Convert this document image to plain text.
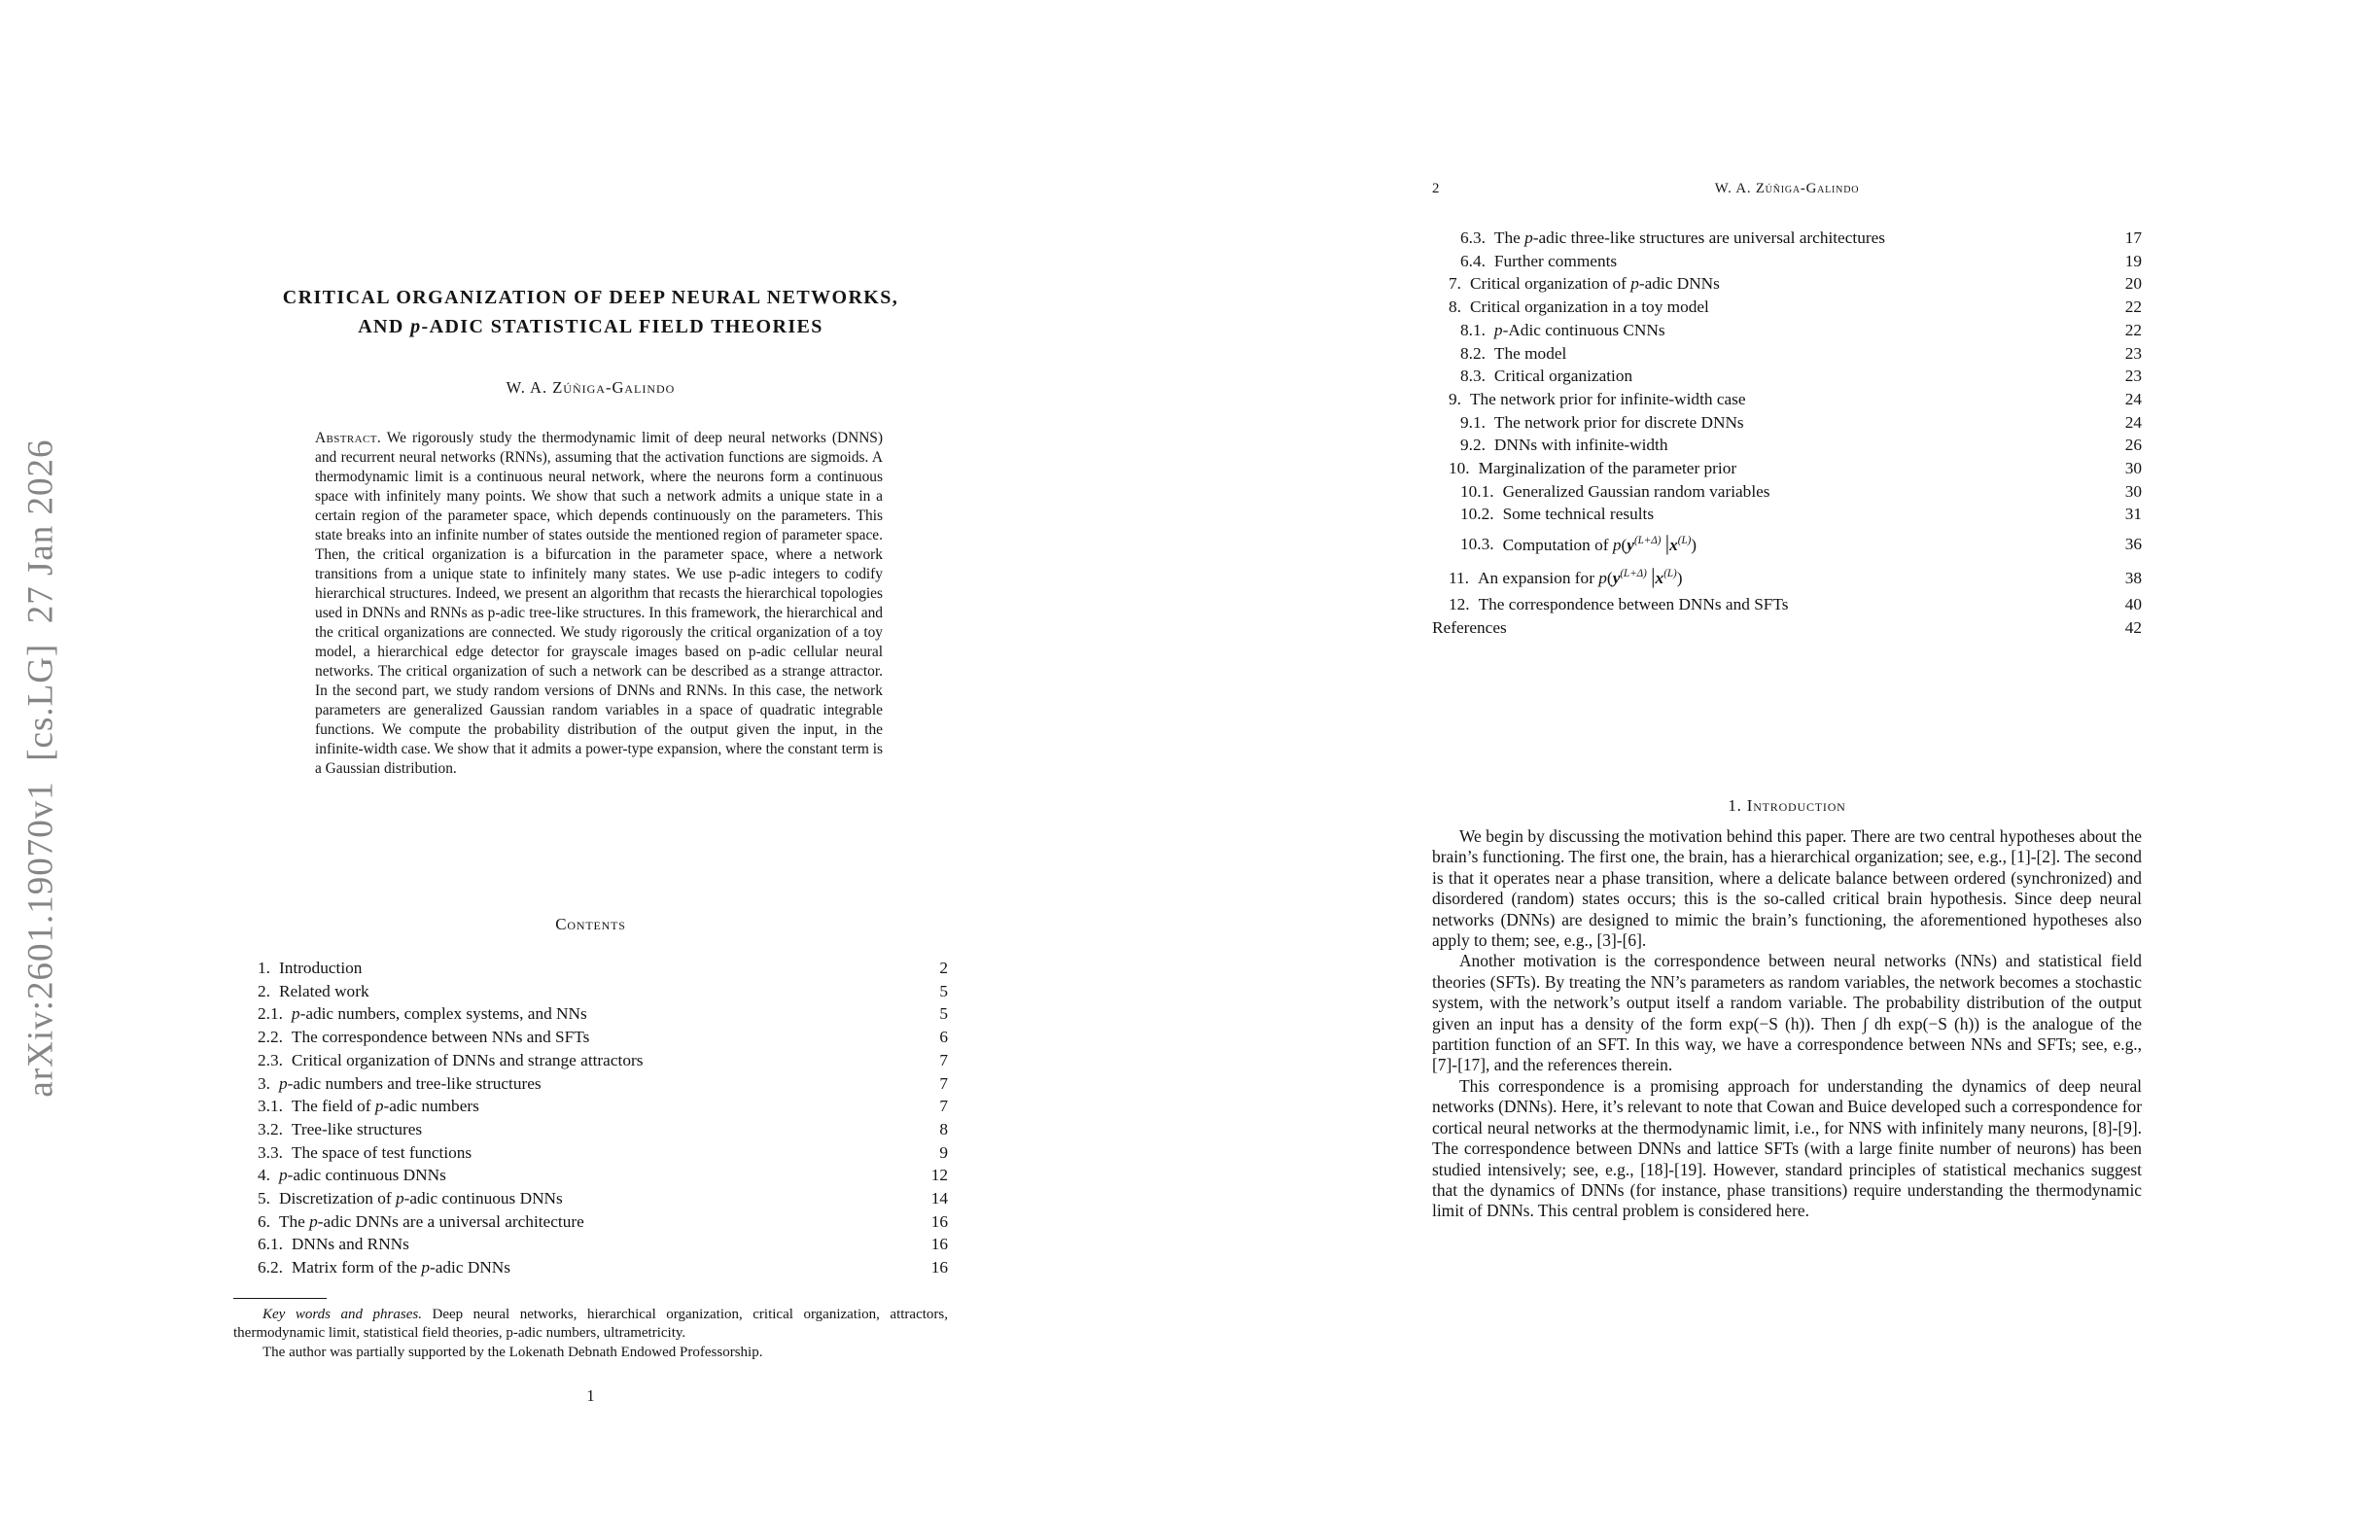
arXiv:2601.19070v1  [cs.LG]  27 Jan 2026
CRITICAL ORGANIZATION OF DEEP NEURAL NETWORKS,
AND p-ADIC STATISTICAL FIELD THEORIES
W. A. Zúñiga-Galindo
Abstract. We rigorously study the thermodynamic limit of deep neural networks (DNNS) and recurrent neural networks (RNNs), assuming that the activation functions are sigmoids. A thermodynamic limit is a continuous neural network, where the neurons form a continuous space with infinitely many points. We show that such a network admits a unique state in a certain region of the parameter space, which depends continuously on the parameters. This state breaks into an infinite number of states outside the mentioned region of parameter space. Then, the critical organization is a bifurcation in the parameter space, where a network transitions from a unique state to infinitely many states. We use p-adic integers to codify hierarchical structures. Indeed, we present an algorithm that recasts the hierarchical topologies used in DNNs and RNNs as p-adic tree-like structures. In this framework, the hierarchical and the critical organizations are connected. We study rigorously the critical organization of a toy model, a hierarchical edge detector for grayscale images based on p-adic cellular neural networks. The critical organization of such a network can be described as a strange attractor. In the second part, we study random versions of DNNs and RNNs. In this case, the network parameters are generalized Gaussian random variables in a space of quadratic integrable functions. We compute the probability distribution of the output given the input, in the infinite-width case. We show that it admits a power-type expansion, where the constant term is a Gaussian distribution.
Contents
1. Introduction	2
2. Related work	5
2.1. p-adic numbers, complex systems, and NNs	5
2.2. The correspondence between NNs and SFTs	6
2.3. Critical organization of DNNs and strange attractors	7
3. p-adic numbers and tree-like structures	7
3.1. The field of p-adic numbers	7
3.2. Tree-like structures	8
3.3. The space of test functions	9
4. p-adic continuous DNNs	12
5. Discretization of p-adic continuous DNNs	14
6. The p-adic DNNs are a universal architecture	16
6.1. DNNs and RNNs	16
6.2. Matrix form of the p-adic DNNs	16

Key words and phrases. Deep neural networks, hierarchical organization, critical organization, attractors, thermodynamic limit, statistical field theories, p-adic numbers, ultrametricity.

The author was partially supported by the Lokenath Debnath Endowed Professorship.

1
2	W. A. Zúñiga-Galindo
6.3. The p-adic three-like structures are universal architectures	17
6.4. Further comments	19
7. Critical organization of p-adic DNNs	20
8. Critical organization in a toy model	22
8.1. p-Adic continuous CNNs	22
8.2. The model	23
8.3. Critical organization	23
9. The network prior for infinite-width case	24
9.1. The network prior for discrete DNNs	24
9.2. DNNs with infinite-width	26
10. Marginalization of the parameter prior	30
10.1. Generalized Gaussian random variables	30
10.2. Some technical results	31
10.3. Computation of $p(y^{(L+\Delta)}$ $|x^{(L)}$)	36
11. An expansion for $p(y^{(L+\Delta)}$ $|x^{(L)}$)	38
12. The correspondence between DNNs and SFTs	40
References	42
1. Introduction

We begin by discussing the motivation behind this paper. There are two central hypotheses about the brain’s functioning. The first one, the brain, has a hierarchical organization; see, e.g., [1]-[2]. The second is that it operates near a phase transition, where a delicate balance between ordered (synchronized) and disordered (random) states occurs; this is the so-called critical brain hypothesis. Since deep neural networks (DNNs) are designed to mimic the brain’s functioning, the aforementioned hypotheses also apply to them; see, e.g., [3]-[6].

Another motivation is the correspondence between neural networks (NNs) and statistical field theories (SFTs). By treating the NN’s parameters as random variables, the network becomes a stochastic system, with the network’s output itself a random variable. The probability distribution of the output given an input has a density of the form exp(−S (h)). Then ∫ dh exp(−S (h)) is the analogue of the partition function of an SFT. In this way, we have a correspondence between NNs and SFTs; see, e.g., [7]-[17], and the references therein.

This correspondence is a promising approach for understanding the dynamics of deep neural networks (DNNs). Here, it’s relevant to note that Cowan and Buice developed such a correspondence for cortical neural networks at the thermodynamic limit, i.e., for NNS with infinitely many neurons, [8]-[9]. The correspondence between DNNs and lattice SFTs (with a large finite number of neurons) has been studied intensively; see, e.g., [18]-[19]. However, standard principles of statistical mechanics suggest that the dynamics of DNNs (for instance, phase transitions) require understanding the thermodynamic limit of DNNs. This central problem is considered here.
